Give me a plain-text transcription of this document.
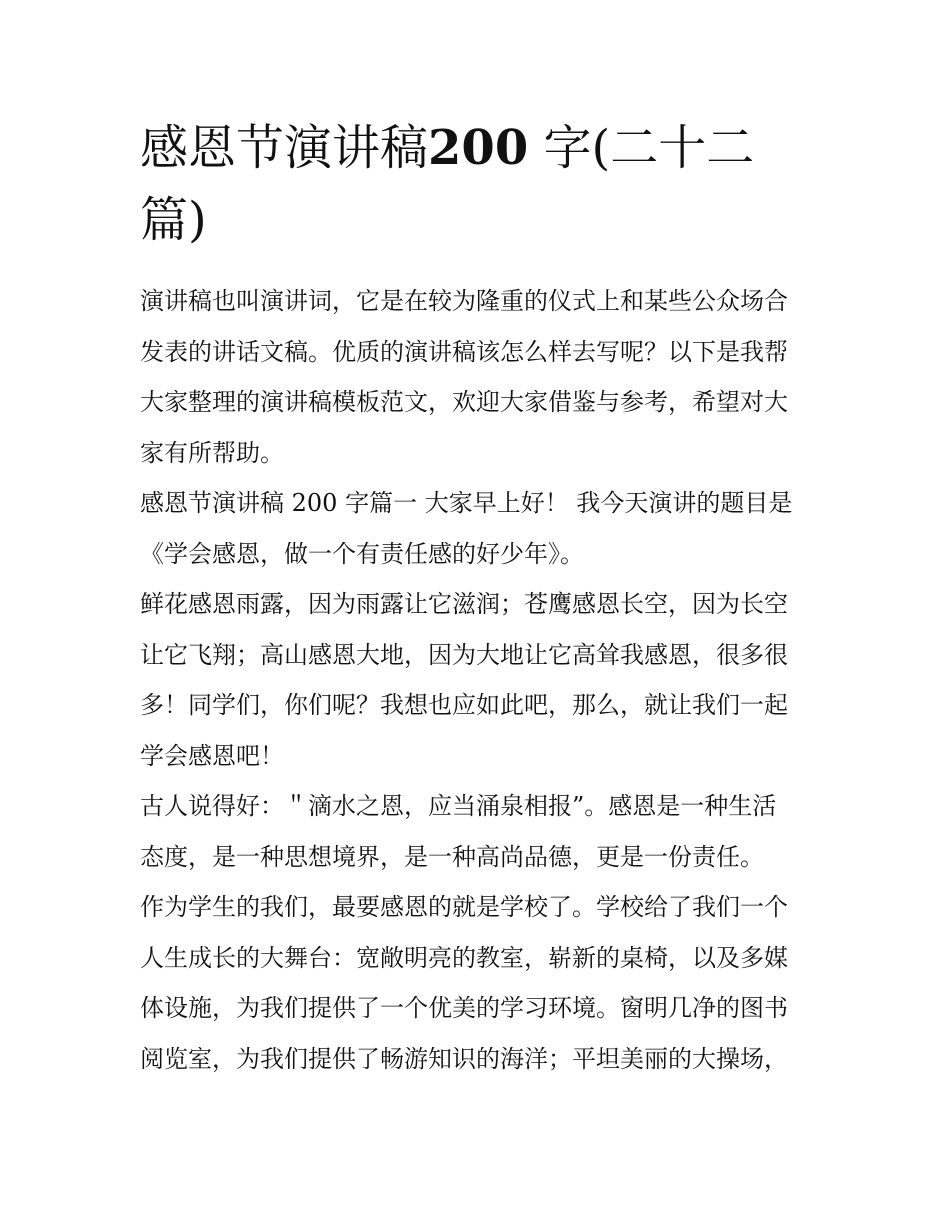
感恩节演讲稿200 字(二十二
篇)
演讲稿也叫演讲词，它是在较为隆重的仪式上和某些公众场合
发表的讲话文稿。优质的演讲稿该怎么样去写呢？以下是我帮
大家整理的演讲稿模板范文，欢迎大家借鉴与参考，希望对大
家有所帮助。
感恩节演讲稿 200 字篇一 大家早上好！ 我今天演讲的题目是
《学会感恩，做一个有责任感的好少年》。
鲜花感恩雨露，因为雨露让它滋润；苍鹰感恩长空，因为长空
让它飞翔；高山感恩大地，因为大地让它高耸我感恩，很多很
多！同学们，你们呢？我想也应如此吧，那么，就让我们一起
学会感恩吧！
古人说得好：＂滴水之恩，应当涌泉相报”。感恩是一种生活
态度，是一种思想境界，是一种高尚品德，更是一份责任。
作为学生的我们，最要感恩的就是学校了。学校给了我们一个
人生成长的大舞台：宽敞明亮的教室，崭新的桌椅，以及多媒
体设施，为我们提供了一个优美的学习环境。窗明几净的图书
阅览室，为我们提供了畅游知识的海洋；平坦美丽的大操场，
